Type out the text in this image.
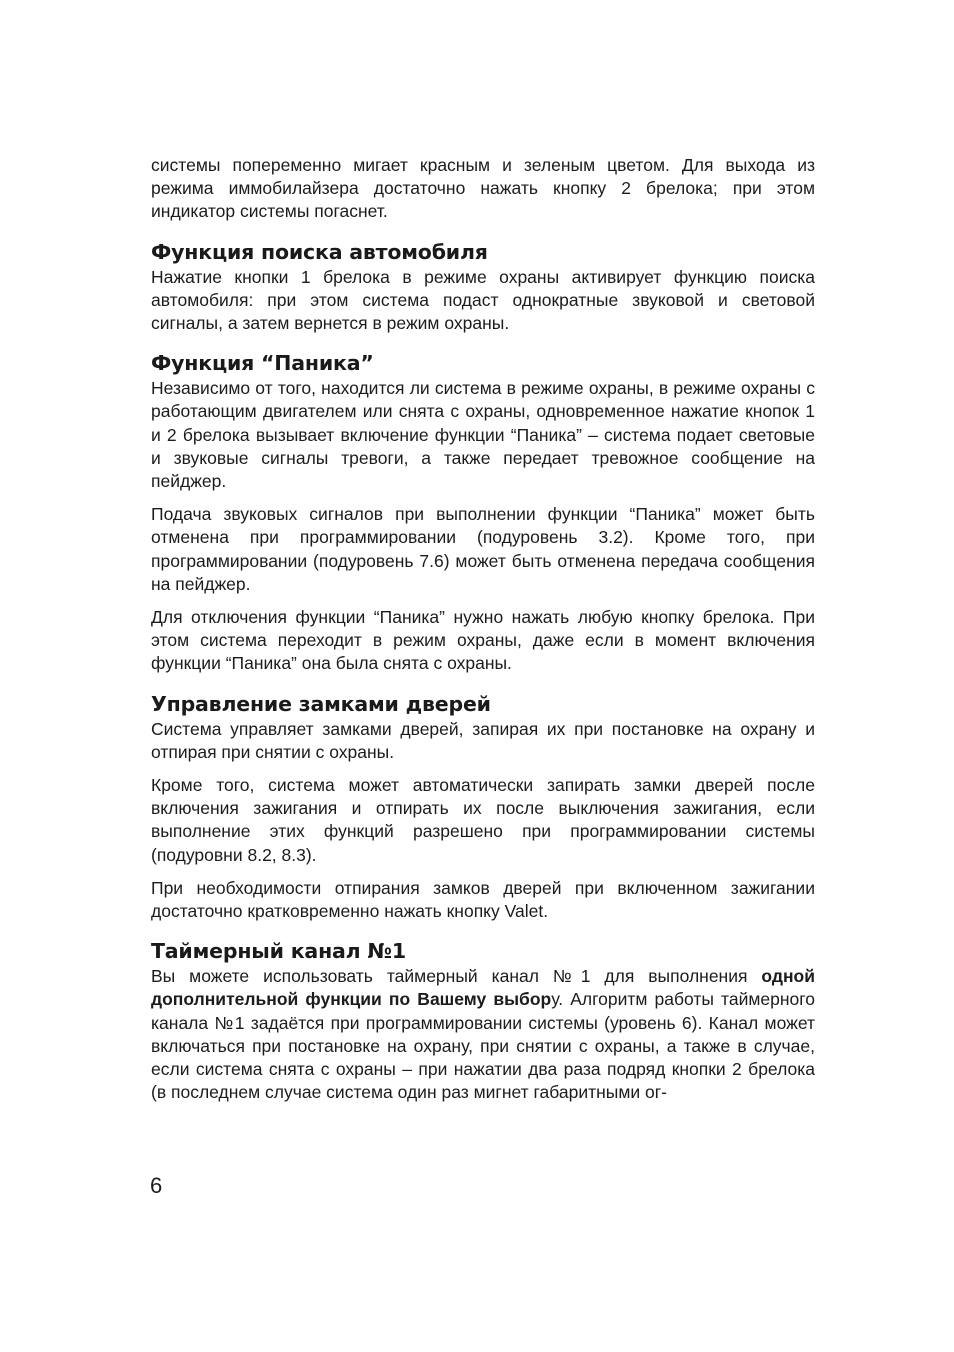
системы попеременно мигает красным и зеленым цветом. Для выхода из режима иммобилайзера достаточно нажать кнопку 2 брелока; при этом индикатор системы погаснет.

Функция поиска автомобиля

Нажатие кнопки 1 брелока в режиме охраны активирует функцию поиска автомобиля: при этом система подаст однократные звуковой и световой сигналы, а затем вернется в режим охраны.

Функция “Паника”

Независимо от того, находится ли система в режиме охраны, в режиме охраны с работающим двигателем или снята с охраны, одновременное нажатие кнопок 1 и 2 брелока вызывает включение функции “Паника” – система подает световые и звуковые сигналы тревоги, а также передает тревожное сообщение на пейджер.

Подача звуковых сигналов при выполнении функции “Паника” может быть отменена при программировании (подуровень 3.2). Кроме того, при программировании (подуровень 7.6) может быть отменена передача сообщения на пейджер.

Для отключения функции “Паника” нужно нажать любую кнопку брелока. При этом система переходит в режим охраны, даже если в момент включения функции “Паника” она была снята с охраны.

Управление замками дверей

Система управляет замками дверей, запирая их при постановке на охрану и отпирая при снятии с охраны.

Кроме того, система может автоматически запирать замки дверей после включения зажигания и отпирать их после выключения зажигания, если выполнение этих функций разрешено при программировании системы (подуровни 8.2, 8.3).

При необходимости отпирания замков дверей при включенном зажигании достаточно кратковременно нажать кнопку Valet.

Таймерный канал №1

Вы можете использовать таймерный канал №1 для выполнения одной дополнительной функции по Вашему выбору. Алгоритм работы таймерного канала №1 задаётся при программировании системы (уровень 6). Канал может включаться при постановке на охрану, при снятии с охраны, а также в случае, если система снята с охраны – при нажатии два раза подряд кнопки 2 брелока (в последнем случае система один раз мигнет габаритными ог-

6
